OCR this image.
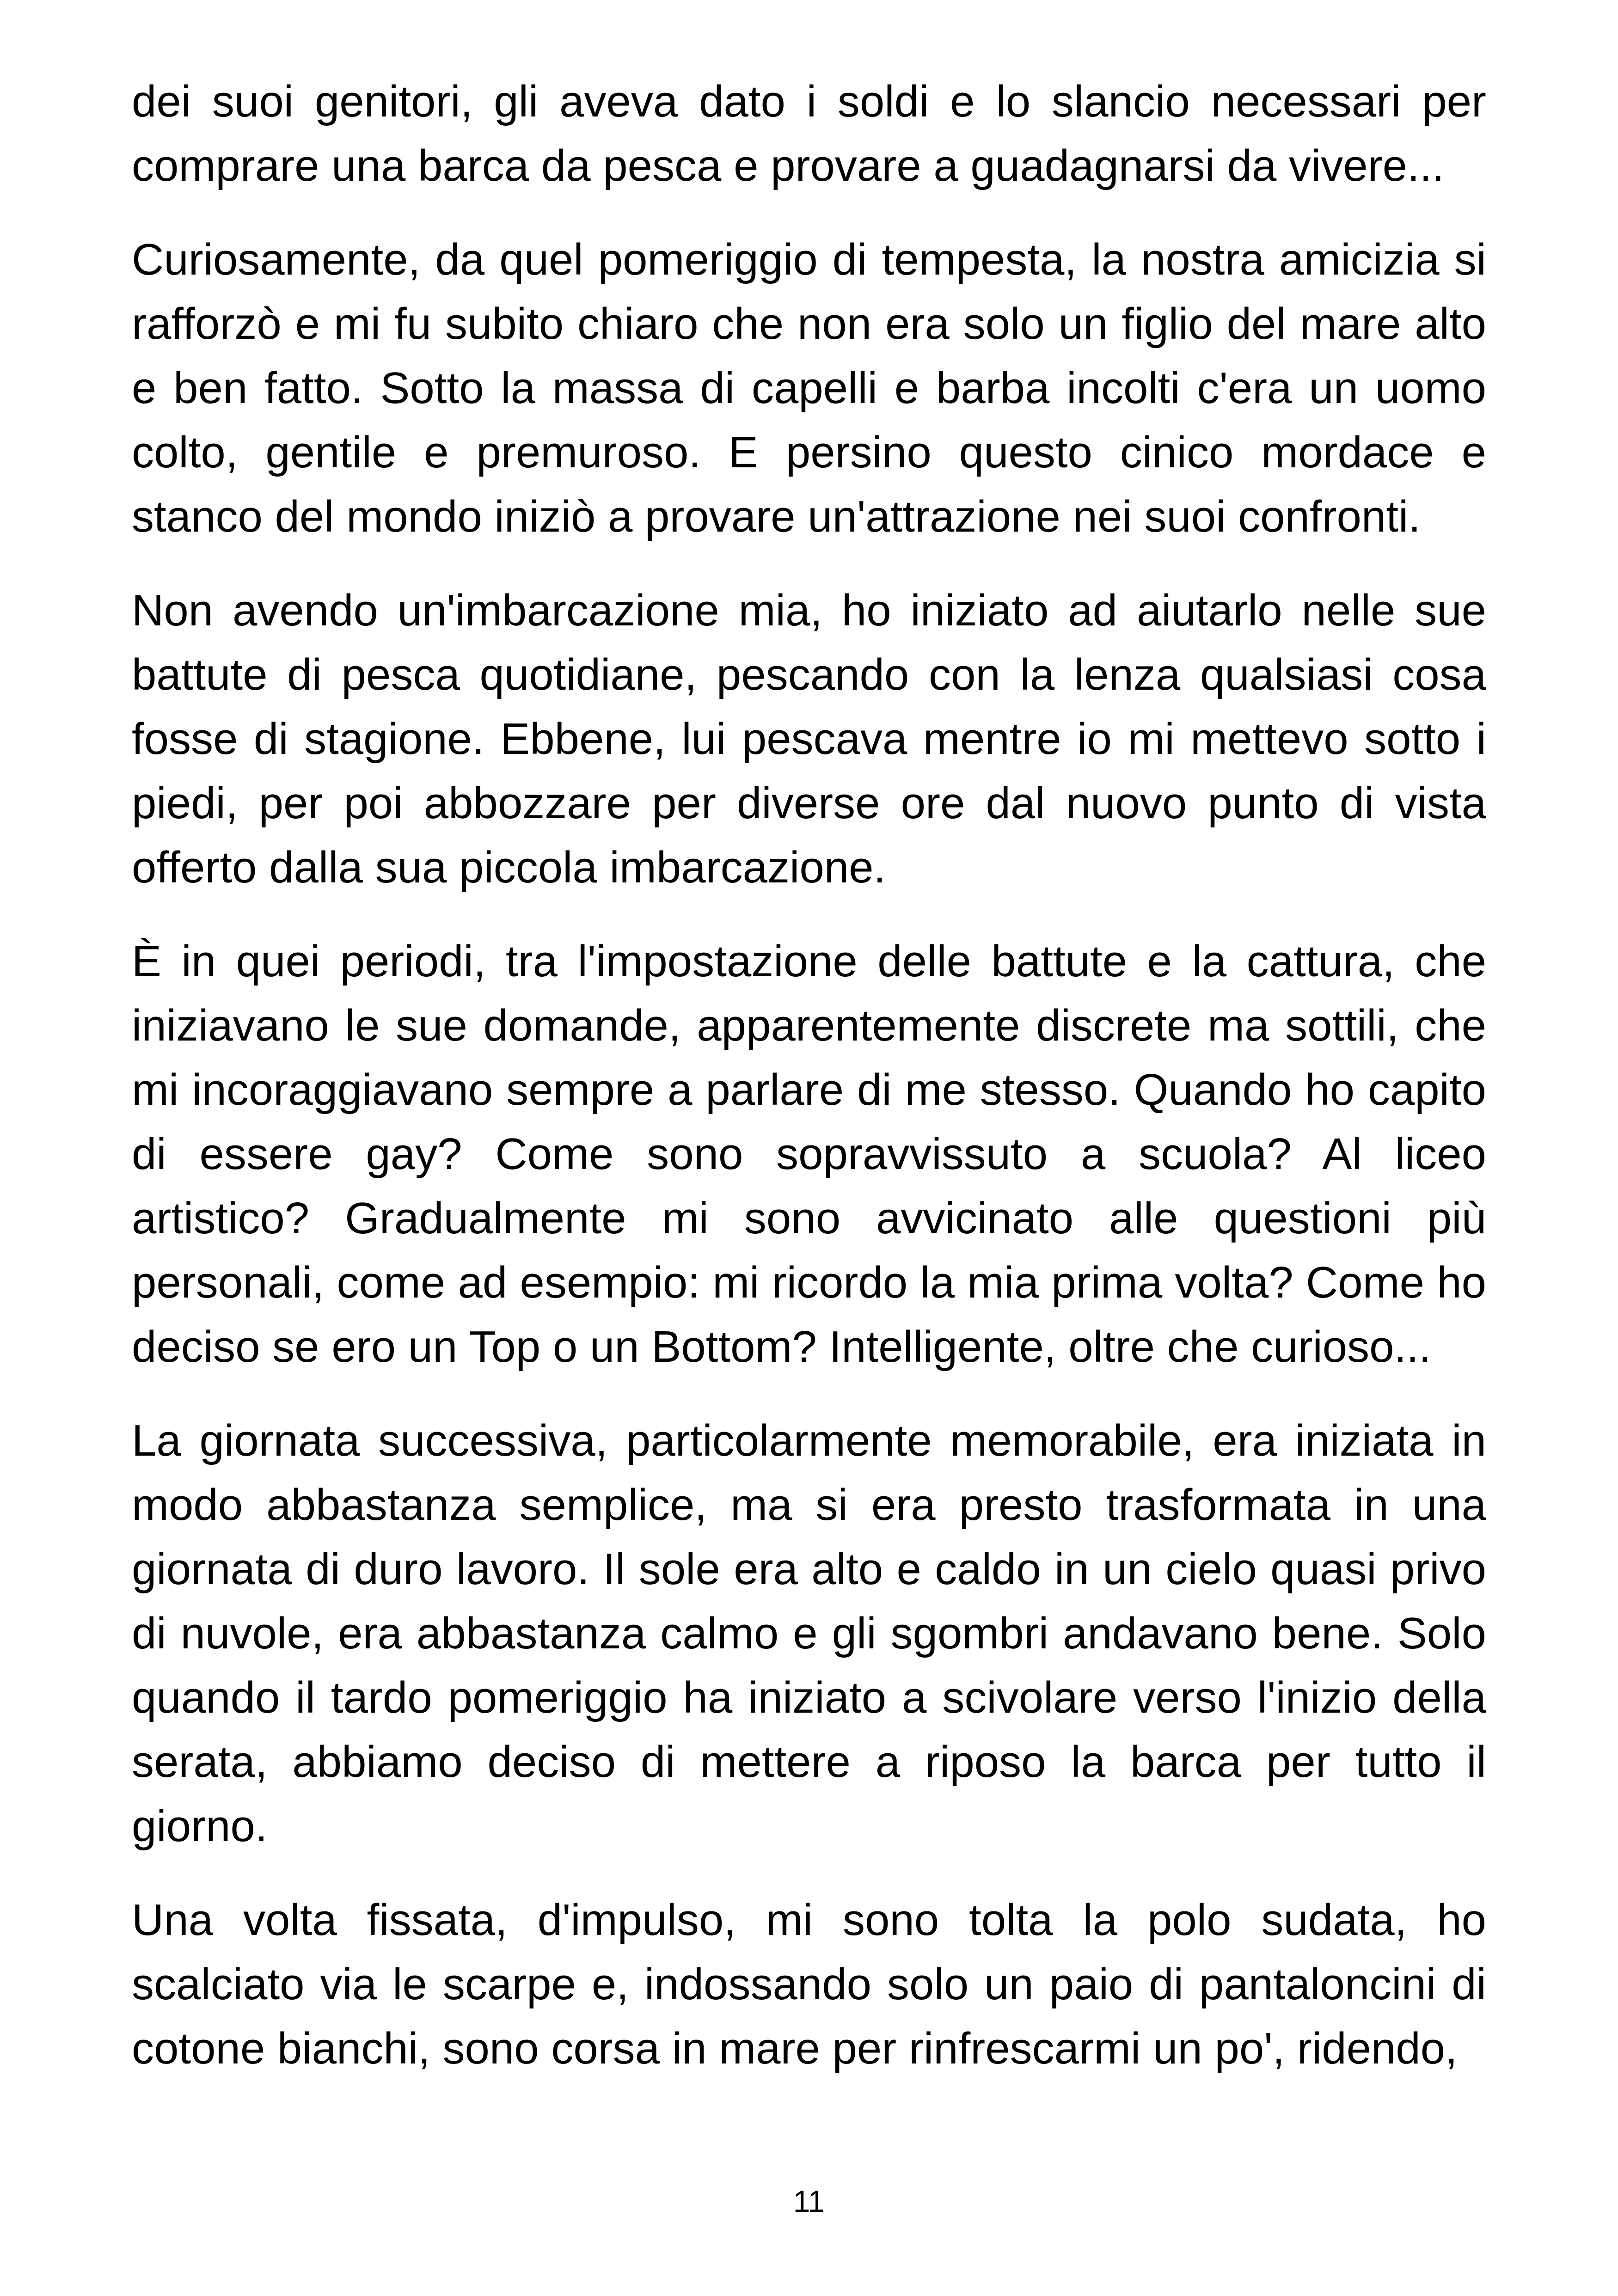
dei suoi genitori, gli aveva dato i soldi e lo slancio necessari per comprare una barca da pesca e provare a guadagnarsi da vivere...

Curiosamente, da quel pomeriggio di tempesta, la nostra amicizia si rafforzò e mi fu subito chiaro che non era solo un figlio del mare alto e ben fatto. Sotto la massa di capelli e barba incolti c'era un uomo colto, gentile e premuroso. E persino questo cinico mordace e stanco del mondo iniziò a provare un'attrazione nei suoi confronti.

Non avendo un'imbarcazione mia, ho iniziato ad aiutarlo nelle sue battute di pesca quotidiane, pescando con la lenza qualsiasi cosa fosse di stagione. Ebbene, lui pescava mentre io mi mettevo sotto i piedi, per poi abbozzare per diverse ore dal nuovo punto di vista offerto dalla sua piccola imbarcazione.

È in quei periodi, tra l'impostazione delle battute e la cattura, che iniziavano le sue domande, apparentemente discrete ma sottili, che mi incoraggiavano sempre a parlare di me stesso. Quando ho capito di essere gay? Come sono sopravvissuto a scuola? Al liceo artistico? Gradualmente mi sono avvicinato alle questioni più personali, come ad esempio: mi ricordo la mia prima volta? Come ho deciso se ero un Top o un Bottom? Intelligente, oltre che curioso...

La giornata successiva, particolarmente memorabile, era iniziata in modo abbastanza semplice, ma si era presto trasformata in una giornata di duro lavoro. Il sole era alto e caldo in un cielo quasi privo di nuvole, era abbastanza calmo e gli sgombri andavano bene. Solo quando il tardo pomeriggio ha iniziato a scivolare verso l'inizio della serata, abbiamo deciso di mettere a riposo la barca per tutto il giorno.

Una volta fissata, d'impulso, mi sono tolta la polo sudata, ho scalciato via le scarpe e, indossando solo un paio di pantaloncini di cotone bianchi, sono corsa in mare per rinfrescarmi un po', ridendo,

11
